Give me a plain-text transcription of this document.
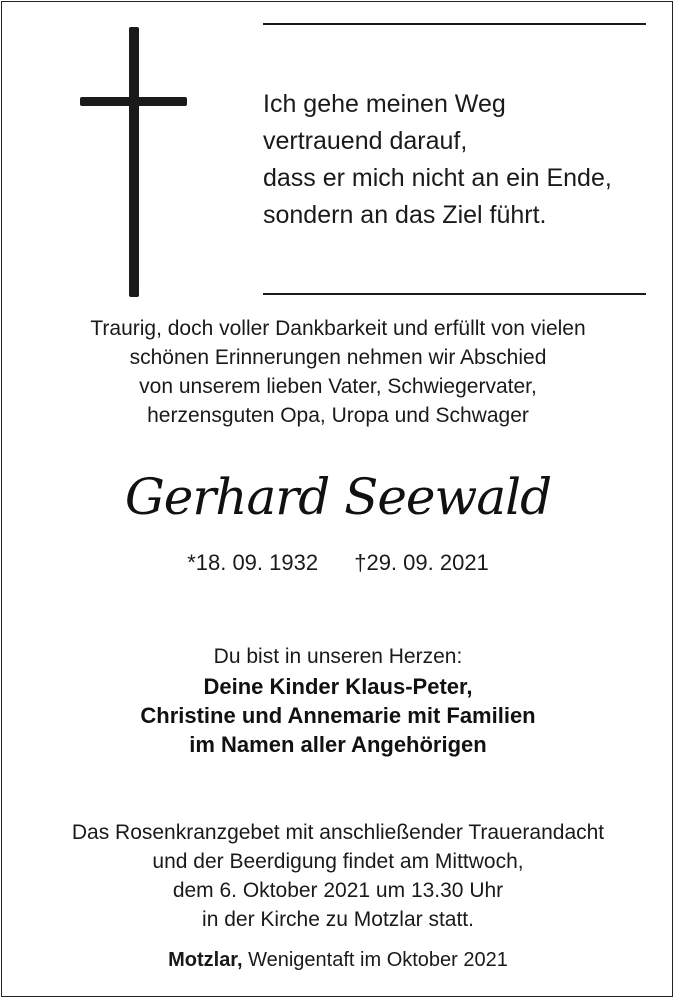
Ich gehe meinen Weg
vertrauend darauf,
dass er mich nicht an ein Ende,
sondern an das Ziel führt.
Traurig, doch voller Dankbarkeit und erfüllt von vielen
schönen Erinnerungen nehmen wir Abschied
von unserem lieben Vater, Schwiegervater,
herzensguten Opa, Uropa und Schwager
Gerhard Seewald
*18. 09. 1932 †29. 09. 2021
Du bist in unseren Herzen:
Deine Kinder Klaus-Peter,
Christine und Annemarie mit Familien
im Namen aller Angehörigen
Das Rosenkranzgebet mit anschließender Trauerandacht
und der Beerdigung findet am Mittwoch,
dem 6. Oktober 2021 um 13.30 Uhr
in der Kirche zu Motzlar statt.
Motzlar, Wenigentaft im Oktober 2021
